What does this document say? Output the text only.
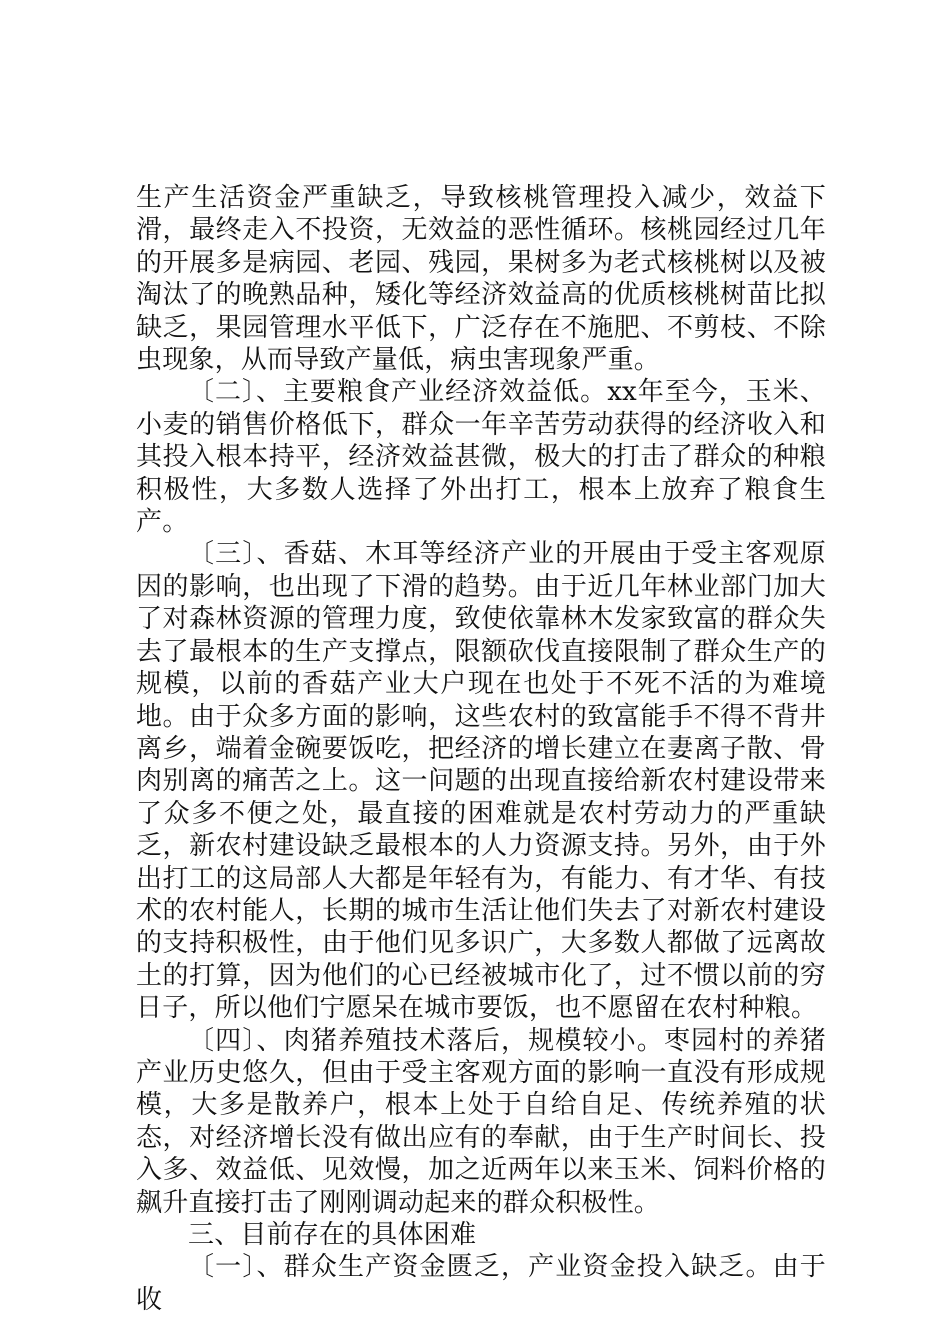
生产生活资金严重缺乏，导致核桃管理投入减少，效益下滑，最终走入不投资，无效益的恶性循环。核桃园经过几年的开展多是病园、老园、残园，果树多为老式核桃树以及被淘汰了的晚熟品种，矮化等经济效益高的优质核桃树苗比拟缺乏，果园管理水平低下，广泛存在不施肥、不剪枝、不除虫现象，从而导致产量低，病虫害现象严重。

〔二〕、主要粮食产业经济效益低。xx年至今，玉米、小麦的销售价格低下，群众一年辛苦劳动获得的经济收入和其投入根本持平，经济效益甚微，极大的打击了群众的种粮积极性，大多数人选择了外出打工，根本上放弃了粮食生产。

〔三〕、香菇、木耳等经济产业的开展由于受主客观原因的影响，也出现了下滑的趋势。由于近几年林业部门加大了对森林资源的管理力度，致使依靠林木发家致富的群众失去了最根本的生产支撑点，限额砍伐直接限制了群众生产的规模，以前的香菇产业大户现在也处于不死不活的为难境地。由于众多方面的影响，这些农村的致富能手不得不背井离乡，端着金碗要饭吃，把经济的增长建立在妻离子散、骨肉别离的痛苦之上。这一问题的出现直接给新农村建设带来了众多不便之处，最直接的困难就是农村劳动力的严重缺乏，新农村建设缺乏最根本的人力资源支持。另外，由于外出打工的这局部人大都是年轻有为，有能力、有才华、有技术的农村能人，长期的城市生活让他们失去了对新农村建设的支持积极性，由于他们见多识广，大多数人都做了远离故土的打算，因为他们的心已经被城市化了，过不惯以前的穷日子，所以他们宁愿呆在城市要饭，也不愿留在农村种粮。

〔四〕、肉猪养殖技术落后，规模较小。枣园村的养猪产业历史悠久，但由于受主客观方面的影响一直没有形成规模，大多是散养户，根本上处于自给自足、传统养殖的状态，对经济增长没有做出应有的奉献，由于生产时间长、投入多、效益低、见效慢，加之近两年以来玉米、饲料价格的飙升直接打击了刚刚调动起来的群众积极性。

三、目前存在的具体困难

〔一〕、群众生产资金匮乏，产业资金投入缺乏。由于收
